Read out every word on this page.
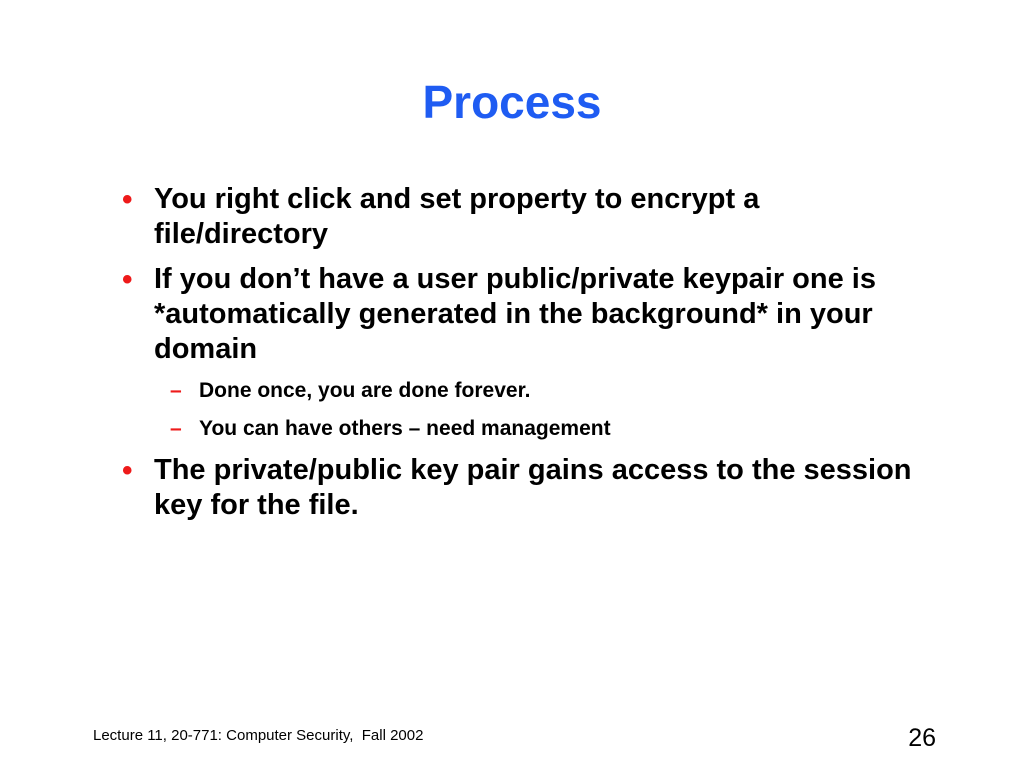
Process
• You right click and set property to encrypt a file/directory
• If you don’t have a user public/private keypair one is *automatically generated in the background* in your domain
– Done once, you are done forever.
– You can have others – need management
• The private/public key pair gains access to the session key for the file.
Lecture 11, 20-771: Computer Security,  Fall 2002	26
